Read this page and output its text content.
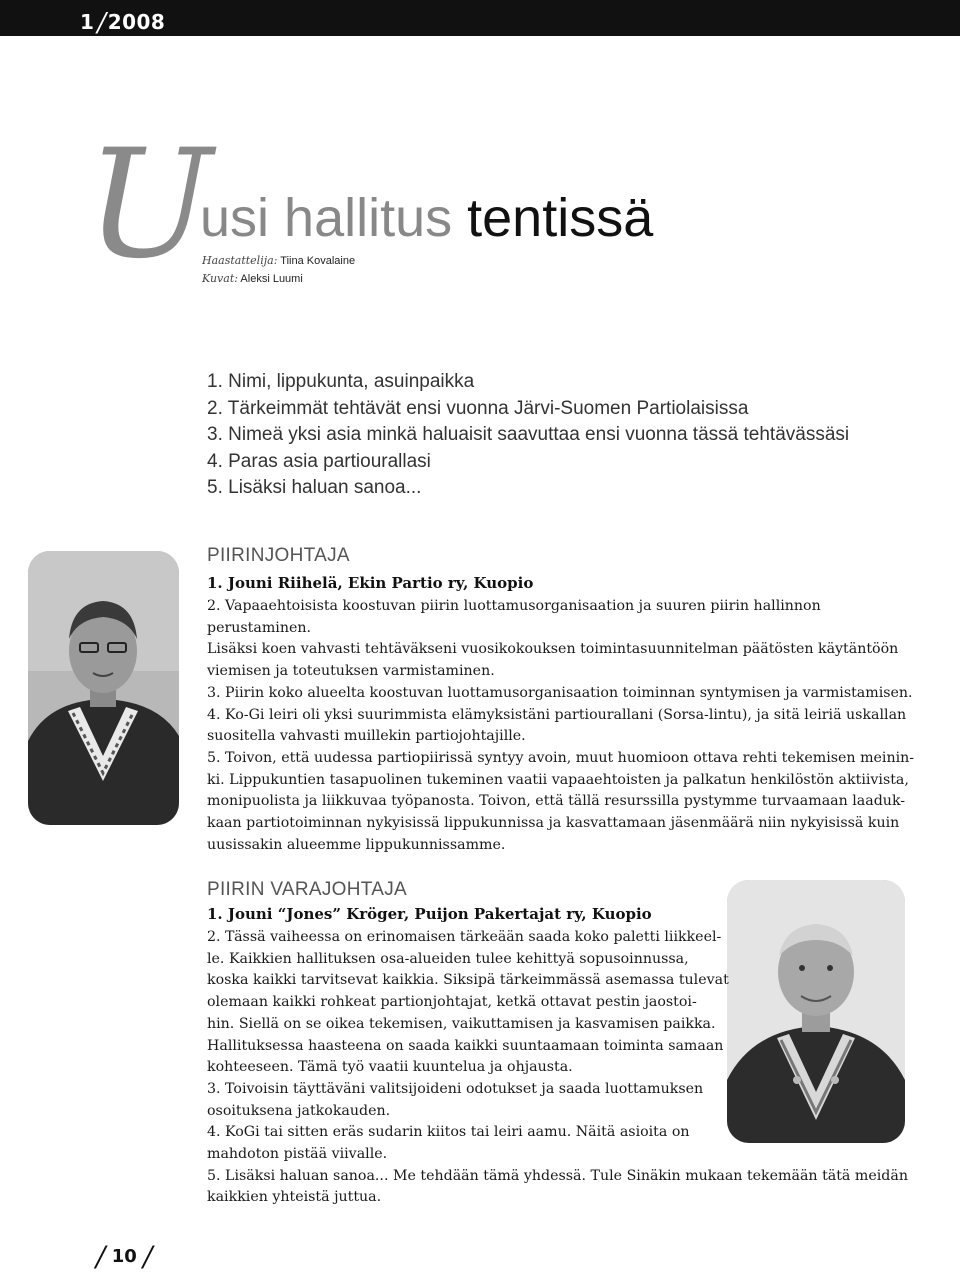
1 /2008
U
usi hallitus tentissä
Haastattelija: Tiina Kovalaine
Kuvat: Aleksi Luumi
1. Nimi, lippukunta, asuinpaikka
2. Tärkeimmät tehtävät ensi vuonna Järvi-Suomen Partiolaisissa
3. Nimeä yksi asia minkä haluaisit saavuttaa ensi vuonna tässä tehtävässäsi
4. Paras asia partiourallasi
5. Lisäksi haluan sanoa...
PIIRINJOHTAJA
1. Jouni Riihelä, Ekin Partio ry, Kuopio

2. Vapaaehtoisista koostuvan piirin luottamusorganisaation ja suuren piirin hallinnon perustaminen.

Lisäksi koen vahvasti tehtäväkseni vuosikokouksen toimintasuunnitelman päätösten käytäntöön

viemisen ja toteutuksen varmistaminen.

3. Piirin koko alueelta koostuvan luottamusorganisaation toiminnan syntymisen ja varmistamisen.

4. Ko-Gi leiri oli yksi suurimmista elämyksistäni partiourallani (Sorsa-lintu), ja sitä leiriä uskallan

suositella vahvasti muillekin partiojohtajille.

5. Toivon, että uudessa partiopiirissä syntyy avoin, muut huomioon ottava rehti tekemisen meinin-

ki. Lippukuntien tasapuolinen tukeminen vaatii vapaaehtoisten ja palkatun henkilöstön aktiivista,

monipuolista ja liikkuvaa työpanosta. Toivon, että tällä resurssilla pystymme turvaamaan laaduk-

kaan partiotoiminnan nykyisissä lippukunnissa ja kasvattamaan jäsenmäärä niin nykyisissä kuin

uusissakin alueemme lippukunnissamme.

PIIRIN VARAJOHTAJA
1. Jouni “Jones” Kröger, Puijon Pakertajat ry, Kuopio

2. Tässä vaiheessa on erinomaisen tärkeään saada koko paletti liikkeel-

le. Kaikkien hallituksen osa-alueiden tulee kehittyä sopusoinnussa,

koska kaikki tarvitsevat kaikkia. Siksipä tärkeimmässä asemassa tulevat

olemaan kaikki rohkeat partionjohtajat, ketkä ottavat pestin jaostoi-

hin. Siellä on se oikea tekemisen, vaikuttamisen ja kasvamisen paikka.

Hallituksessa haasteena on saada kaikki suuntaamaan toiminta samaan

kohteeseen. Tämä työ vaatii kuuntelua ja ohjausta.

3. Toivoisin täyttäväni valitsijoideni odotukset ja saada luottamuksen

osoituksena jatkokauden.

4. KoGi tai sitten eräs sudarin kiitos tai leiri aamu. Näitä asioita on

mahdoton pistää viivalle.

5. Lisäksi haluan sanoa... Me tehdään tämä yhdessä. Tule Sinäkin mukaan tekemään tätä meidän

kaikkien yhteistä juttua.

/ 10 /
